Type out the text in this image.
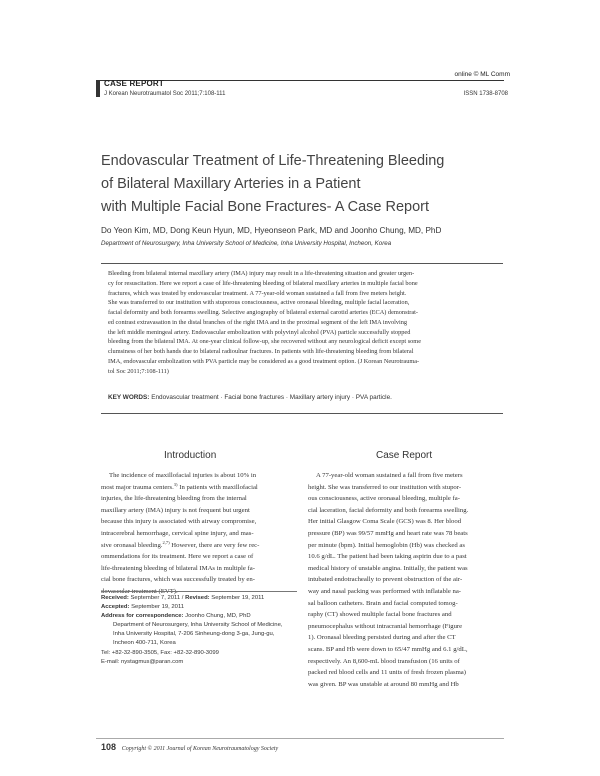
online © ML Comm
CASE REPORT
J Korean Neurotraumatol Soc 2011;7:108-111	ISSN 1738-8708
Endovascular Treatment of Life-Threatening Bleeding
of Bilateral Maxillary Arteries in a Patient
with Multiple Facial Bone Fractures- A Case Report
Do Yeon Kim, MD, Dong Keun Hyun, MD, Hyeonseon Park, MD and Joonho Chung, MD, PhD
Department of Neurosurgery, Inha University School of Medicine, Inha University Hospital, Incheon, Korea
Bleeding from bilateral internal maxillary artery (IMA) injury may result in a life-threatening situation and greater urgen-
cy for resuscitation. Here we report a case of life-threatening bleeding of bilateral maxillary arteries in multiple facial bone
fractures, which was treated by endovascular treatment. A 77-year-old woman sustained a fall from five meters height.
She was transferred to our institution with stuporous consciousness, active oronasal bleeding, multiple facial laceration,
facial deformity and both forearms swelling. Selective angiography of bilateral external carotid arteries (ECA) demonstrat-
ed contrast extravasation in the distal branches of the right IMA and in the proximal segment of the left IMA involving
the left middle meningeal artery. Endovascular embolization with polyvinyl alcohol (PVA) particle successfully stopped
bleeding from the bilateral IMA. At one-year clinical follow-up, she recovered without any neurological deficit except some
clumsiness of her both hands due to bilateral radioulnar fractures. In patients with life-threatening bleeding from bilateral
IMA, endovascular embolization with PVA particle may be considered as a good treatment option. (J Korean Neurotrauma-
tol Soc 2011;7:108-111)
KEY WORDS: Endovascular treatment · Facial bone fractures · Maxillary artery injury · PVA particle.
Introduction	Case Report
The incidence of maxillofacial injuries is about 10% in
most major trauma centers.$^{3)}$ In patients with maxillofacial
injuries, the life-threatening bleeding from the internal
maxillary artery (IMA) injury is not frequent but urgent
because this injury is associated with airway compromise,
intracerebral hemorrhage, cervical spine injury, and mas-
sive oronasal bleeding.$^{2,7)}$ However, there are very few rec-
ommendations for its treatment. Here we report a case of
life-threatening bleeding of bilateral IMAs in multiple fa-
cial bone fractures, which was successfully treated by en-
dovascular treatment (EVT).
A 77-year-old woman sustained a fall from five meters
height. She was transferred to our institution with stupor-
ous consciousness, active oronasal bleeding, multiple fa-
cial laceration, facial deformity and both forearms swelling.
Her initial Glasgow Coma Scale (GCS) was 8. Her blood
pressure (BP) was 99/57 mmHg and heart rate was 78 beats
per minute (bpm). Initial hemoglobin (Hb) was checked as
10.6 g/dL. The patient had been taking aspirin due to a past
medical history of unstable angina. Initially, the patient was
intubated endotracheally to prevent obstruction of the air-
way and nasal packing was performed with inflatable na-
sal balloon catheters. Brain and facial computed tomog-
raphy (CT) showed multiple facial bone fractures and
pneumocephalus without intracranial hemorrhage (Figure
1). Oronasal bleeding persisted during and after the CT
scans. BP and Hb were down to 65/47 mmHg and 6.1 g/dL,
respectively. An 8,600-mL blood transfusion (16 units of
packed red blood cells and 11 units of fresh frozen plasma)
was given. BP was unstable at around 80 mmHg and Hb
Received: September 7, 2011 / Revised: September 19, 2011
Accepted: September 19, 2011
Address for correspondence: Joonho Chung, MD, PhD
Department of Neurosurgery, Inha University School of Medicine,
Inha University Hospital, 7-206 Sinheung-dong 3-ga, Jung-gu,
Incheon 400-711, Korea
Tel: +82-32-890-3505, Fax: +82-32-890-3099
E-mail: nystagmus@paran.com
108 Copyright © 2011 Journal of Korean Neurotraumatology Society
